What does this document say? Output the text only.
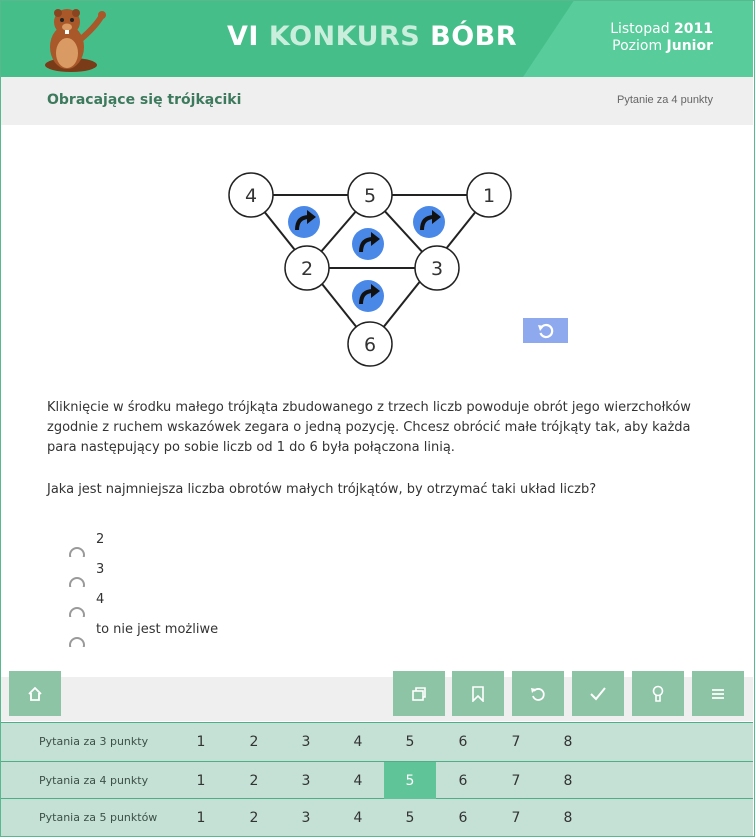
VI KONKURS BÓBR	Listopad 2011
Poziom Junior
Obracające się trójkąciki	Pytanie za 4 punkty
4	5	1
2	3
6

Kliknięcie w środku małego trójkąta zbudowanego z trzech liczb powoduje obrót jego wierzchołków zgodnie z ruchem wskazówek zegara o jedną pozycję. Chcesz obrócić małe trójkąty tak, aby każda para następujący po sobie liczb od 1 do 6 była połączona linią.

Jaka jest najmniejsza liczba obrotów małych trójkątów, by otrzymać taki układ liczb?

2
3
4
to nie jest możliwe
Pytania za 3 punkty	1	2	3	4	5	6	7	8
Pytania za 4 punkty	1	2	3	4	5	6	7	8
Pytania za 5 punktów	1	2	3	4	5	6	7	8
